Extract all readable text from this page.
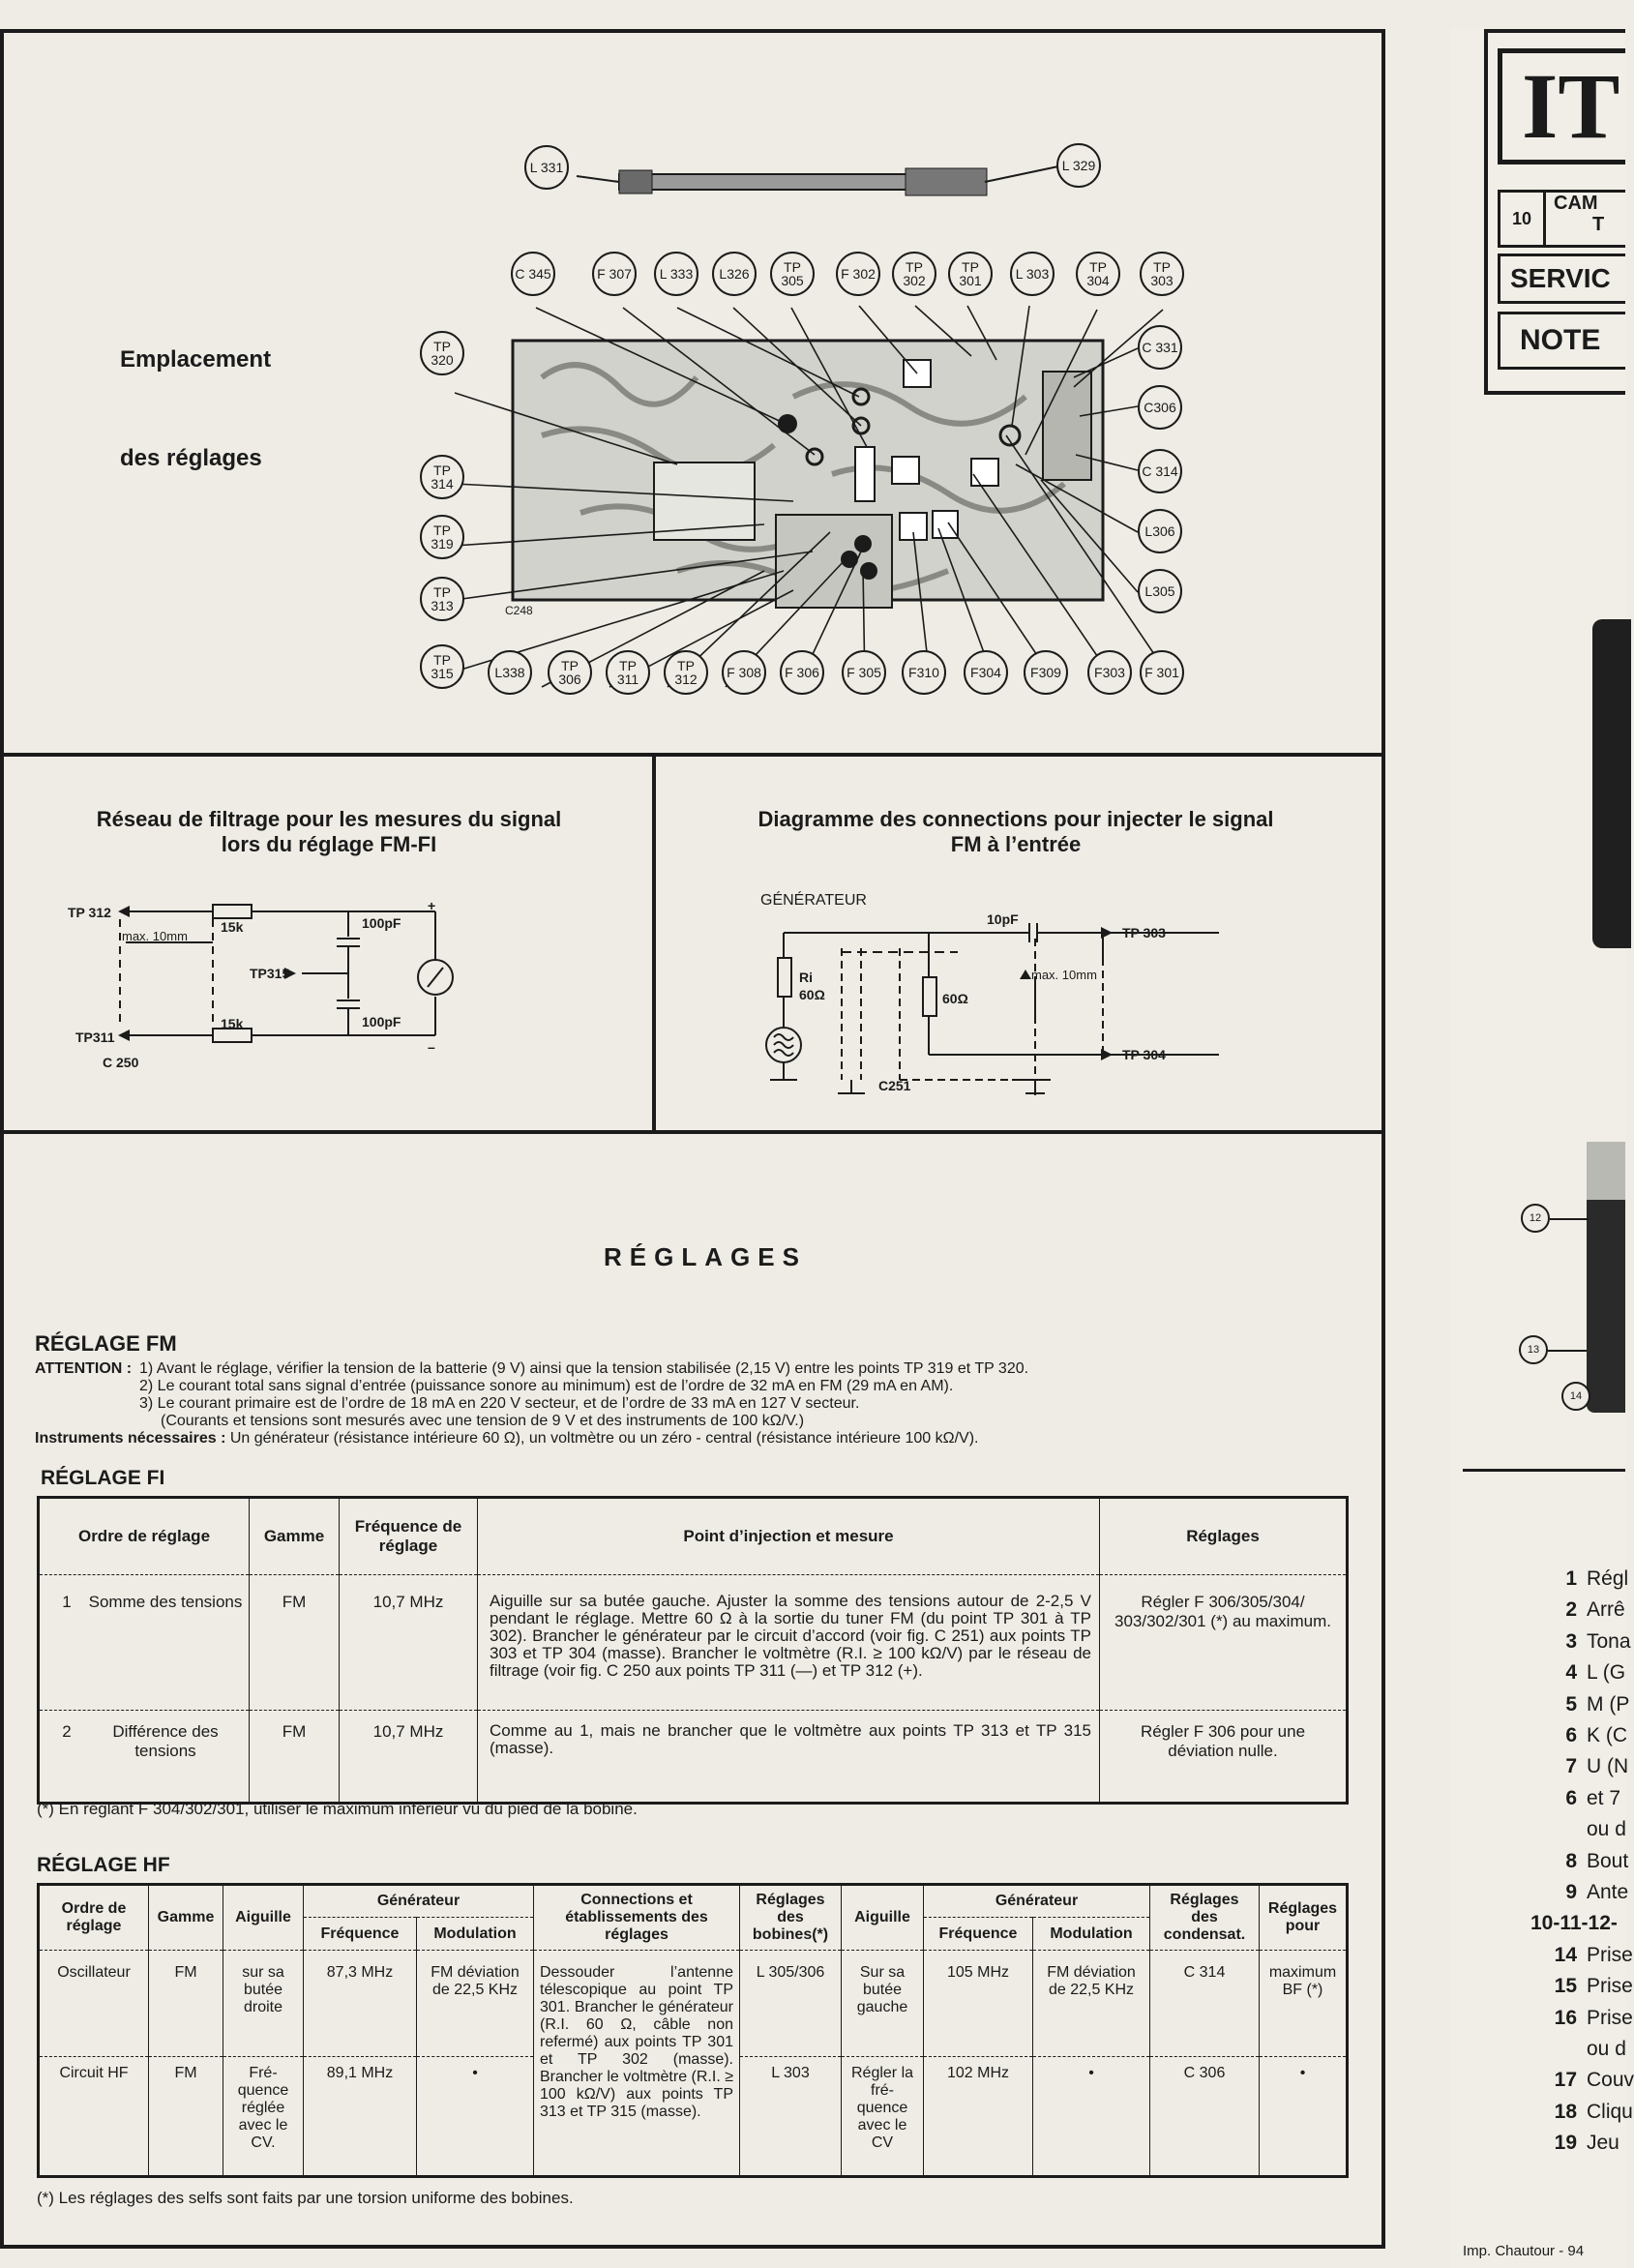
Emplacement
des réglages
C248
L 331	L 329
C 345	F 307 L 333	L326	TP
305	F 302	TP
302
TP
301	L 303	TP
304
TP
303
TP
320
TP
314
TP
319
TP
313
TP
315
C 331
C306
C 314
L306
L305
L338	TP
306
TP
311
TP
312	F 308 F 306 F 305	F310	F304	F309	F303	F 301
Réseau de filtrage pour les mesures du signal lors du réglage FM-FI
TP 312
TP311
TP315
15k
15k
100pF
100pF
max. 10mm
C 250
+
–
Diagramme des connections pour injecter le signal FM à l’entrée
GÉNÉRATEUR
Ri
60Ω	60Ω
10pF
max. 10mm
TP 303
TP 304
C251
RÉGLAGES
RÉGLAGE FM
ATTENTION : 1) Avant le réglage, vérifier la tension de la batterie (9 V) ainsi que la tension stabilisée (2,15 V) entre les points TP 319 et TP 320.
2) Le courant total sans signal d’entrée (puissance sonore au minimum) est de l’ordre de 32 mA en FM (29 mA en AM).
3) Le courant primaire est de l’ordre de 18 mA en 220 V secteur, et de l’ordre de 33 mA en 127 V secteur.
(Courants et tensions sont mesurés avec une tension de 9 V et des instruments de 100 kΩ/V.)
Instruments nécessaires : Un générateur (résistance intérieure 60 Ω), un voltmètre ou un zéro - central (résistance intérieure 100 kΩ/V).
RÉGLAGE FI
Ordre de réglage	Gamme	Fréquence de réglage	Point d’injection et mesure	Réglages

1 Somme des tensions	FM	10,7 MHz	Aiguille sur sa butée gauche. Ajuster la somme des tensions autour de 2-2,5 V pendant le réglage. Mettre 60 Ω à la sortie du tuner FM (du point TP 301 à TP 302). Brancher le générateur par le circuit d’accord (voir fig. C 251) aux points TP 303 et TP 304 (masse). Brancher le voltmètre (R.I. ≥ 100 kΩ/V) par le réseau de filtrage (voir fig. C 250 aux points TP 311 (—) et TP 312 (+).	Régler F 306/305/304/ 303/302/301 (*) au maximum.

2 Différence des tensions	FM	10,7 MHz	Comme au 1, mais ne brancher que le voltmètre aux points TP 313 et TP 315 (masse).	Régler F 306 pour une déviation nulle.
(*) En réglant F 304/302/301, utiliser le maximum inférieur vu du pied de la bobine.
RÉGLAGE HF
Ordre de réglage	Gamme	Aiguille	Générateur		Connections et établissements des réglages	Réglages des bobines(*)	Aiguille	Générateur		Réglages des condensat.	Réglages pour
			Fréquence	Modulation				Fréquence	Modulation		
Oscillateur	FM	sur sa butée droite	87,3 MHz	FM déviation de 22,5 KHz	Dessouder l’antenne télescopique au point TP 301. Brancher le générateur (R.I. 60 Ω, câble non refermé) aux points TP 301 et TP 302 (masse). Brancher le voltmètre (R.I. ≥ 100 kΩ/V) aux points TP 313 et TP 315 (masse).	L 305/306	Sur sa butée gauche	105 MHz	FM déviation de 22,5 KHz	C 314	maximum BF (*)
Circuit HF	FM	Fré- quence réglée avec le CV.	89,1 MHz	•		L 303	Régler la fré- quence avec le CV	102 MHz	•	C 306	•
(*) Les réglages des selfs sont faits par une torsion uniforme des bobines.
IT
10
CAM
T
SERVIC
NOTE
12
13
14
1 Régl
2 Arrê
3 Tona
4 L (G
5 M (P
6 K (C
7 U (N
6 et 7
ou d
8 Bout
9 Ante
10-11-12-
14 Prise
15 Prise
16 Prise
ou d
17 Couv
18 Cliqu
19 Jeu
Imp. Chautour - 94
